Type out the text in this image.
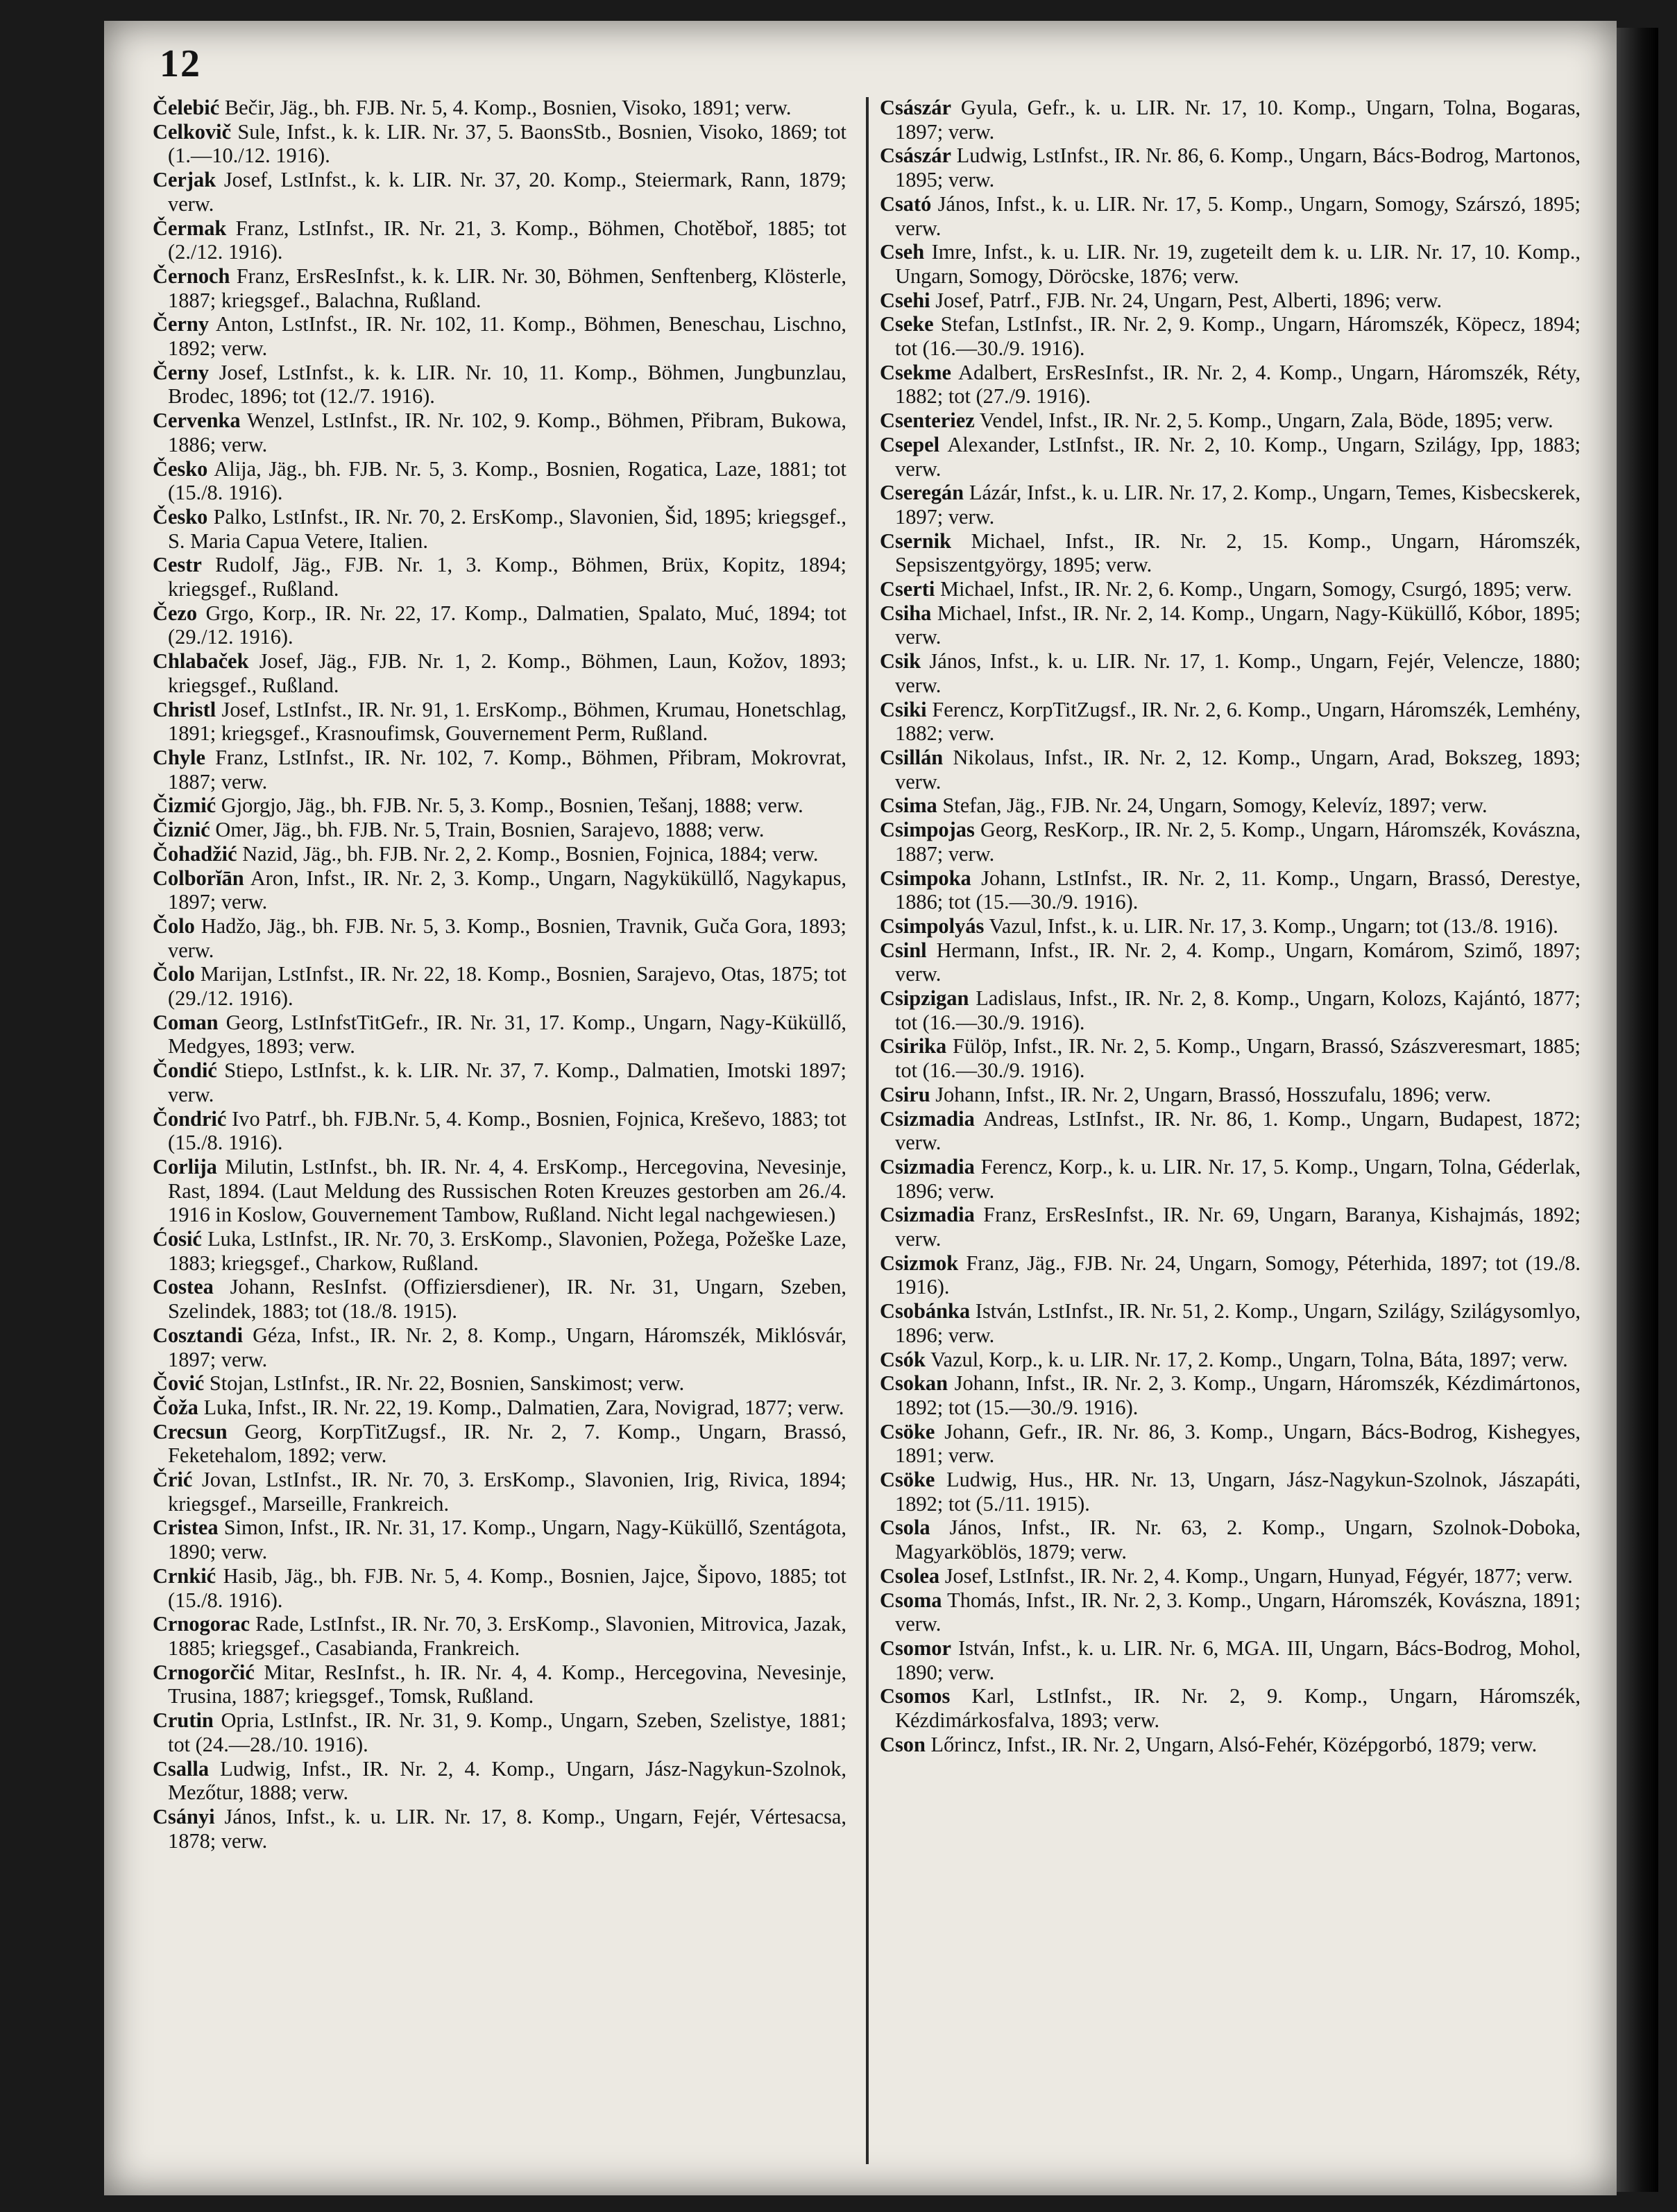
12

Čelebić Bečir, Jäg., bh. FJB. Nr. 5, 4. Komp., Bosnien, Visoko, 1891; verw.

Celkovič Sule, Infst., k. k. LIR. Nr. 37, 5. BaonsStb., Bosnien, Visoko, 1869; tot (1.—10./12. 1916).

Cerjak Josef, LstInfst., k. k. LIR. Nr. 37, 20. Komp., Steiermark, Rann, 1879; verw.

Čermak Franz, LstInfst., IR. Nr. 21, 3. Komp., Böhmen, Chotěboř, 1885; tot (2./12. 1916).

Černoch Franz, ErsResInfst., k. k. LIR. Nr. 30, Böhmen, Senftenberg, Klösterle, 1887; kriegsgef., Balachna, Rußland.

Černy Anton, LstInfst., IR. Nr. 102, 11. Komp., Böhmen, Beneschau, Lischno, 1892; verw.

Černy Josef, LstInfst., k. k. LIR. Nr. 10, 11. Komp., Böhmen, Jungbunzlau, Brodec, 1896; tot (12./7. 1916).

Cervenka Wenzel, LstInfst., IR. Nr. 102, 9. Komp., Böhmen, Přibram, Bukowa, 1886; verw.

Česko Alija, Jäg., bh. FJB. Nr. 5, 3. Komp., Bosnien, Rogatica, Laze, 1881; tot (15./8. 1916).

Česko Palko, LstInfst., IR. Nr. 70, 2. ErsKomp., Slavonien, Šid, 1895; kriegsgef., S. Maria Capua Vetere, Italien.

Cestr Rudolf, Jäg., FJB. Nr. 1, 3. Komp., Böhmen, Brüx, Kopitz, 1894; kriegsgef., Rußland.

Čezo Grgo, Korp., IR. Nr. 22, 17. Komp., Dalmatien, Spalato, Muć, 1894; tot (29./12. 1916).

Chlabaček Josef, Jäg., FJB. Nr. 1, 2. Komp., Böhmen, Laun, Kožov, 1893; kriegsgef., Rußland.

Christl Josef, LstInfst., IR. Nr. 91, 1. ErsKomp., Böhmen, Krumau, Honetschlag, 1891; kriegsgef., Krasnoufimsk, Gouvernement Perm, Rußland.

Chyle Franz, LstInfst., IR. Nr. 102, 7. Komp., Böhmen, Přibram, Mokrovrat, 1887; verw.

Čizmić Gjorgjo, Jäg., bh. FJB. Nr. 5, 3. Komp., Bosnien, Tešanj, 1888; verw.

Čiznić Omer, Jäg., bh. FJB. Nr. 5, Train, Bosnien, Sarajevo, 1888; verw.

Čohadžić Nazid, Jäg., bh. FJB. Nr. 2, 2. Komp., Bosnien, Fojnica, 1884; verw.

Colborĭān Aron, Infst., IR. Nr. 2, 3. Komp., Ungarn, Nagyküküllő, Nagykapus, 1897; verw.

Čolo Hadžo, Jäg., bh. FJB. Nr. 5, 3. Komp., Bosnien, Travnik, Guča Gora, 1893; verw.

Čolo Marijan, LstInfst., IR. Nr. 22, 18. Komp., Bosnien, Sarajevo, Otas, 1875; tot (29./12. 1916).

Coman Georg, LstInfstTitGefr., IR. Nr. 31, 17. Komp., Ungarn, Nagy-Küküllő, Medgyes, 1893; verw.

Čondić Stiepo, LstInfst., k. k. LIR. Nr. 37, 7. Komp., Dalmatien, Imotski 1897; verw.

Čondrić Ivo Patrf., bh. FJB.Nr. 5, 4. Komp., Bosnien, Fojnica, Kreševo, 1883; tot (15./8. 1916).

Corlija Milutin, LstInfst., bh. IR. Nr. 4, 4. ErsKomp., Hercegovina, Nevesinje, Rast, 1894. (Laut Meldung des Russischen Roten Kreuzes gestorben am 26./4. 1916 in Koslow, Gouvernement Tambow, Rußland. Nicht legal nachgewiesen.)

Ćosić Luka, LstInfst., IR. Nr. 70, 3. ErsKomp., Slavonien, Požega, Požeške Laze, 1883; kriegsgef., Charkow, Rußland.

Costea Johann, ResInfst. (Offiziersdiener), IR. Nr. 31, Ungarn, Szeben, Szelindek, 1883; tot (18./8. 1915).

Cosztandi Géza, Infst., IR. Nr. 2, 8. Komp., Ungarn, Háromszék, Miklósvár, 1897; verw.

Čović Stojan, LstInfst., IR. Nr. 22, Bosnien, Sanskimost; verw.

Čoža Luka, Infst., IR. Nr. 22, 19. Komp., Dalmatien, Zara, Novigrad, 1877; verw.

Crecsun Georg, KorpTitZugsf., IR. Nr. 2, 7. Komp., Ungarn, Brassó, Feketehalom, 1892; verw.

Črić Jovan, LstInfst., IR. Nr. 70, 3. ErsKomp., Slavonien, Irig, Rivica, 1894; kriegsgef., Marseille, Frankreich.

Cristea Simon, Infst., IR. Nr. 31, 17. Komp., Ungarn, Nagy-Küküllő, Szentágota, 1890; verw.

Crnkić Hasib, Jäg., bh. FJB. Nr. 5, 4. Komp., Bosnien, Jajce, Šipovo, 1885; tot (15./8. 1916).

Crnogorac Rade, LstInfst., IR. Nr. 70, 3. ErsKomp., Slavonien, Mitrovica, Jazak, 1885; kriegsgef., Casabianda, Frankreich.

Crnogorčić Mitar, ResInfst., h. IR. Nr. 4, 4. Komp., Hercegovina, Nevesinje, Trusina, 1887; kriegsgef., Tomsk, Rußland.

Crutin Opria, LstInfst., IR. Nr. 31, 9. Komp., Ungarn, Szeben, Szelistye, 1881; tot (24.—28./10. 1916).

Csalla Ludwig, Infst., IR. Nr. 2, 4. Komp., Ungarn, Jász-Nagykun-Szolnok, Mezőtur, 1888; verw.

Csányi János, Infst., k. u. LIR. Nr. 17, 8. Komp., Ungarn, Fejér, Vértesacsa, 1878; verw.

Császár Gyula, Gefr., k. u. LIR. Nr. 17, 10. Komp., Ungarn, Tolna, Bogaras, 1897; verw.

Császár Ludwig, LstInfst., IR. Nr. 86, 6. Komp., Ungarn, Bács-Bodrog, Martonos, 1895; verw.

Csató János, Infst., k. u. LIR. Nr. 17, 5. Komp., Ungarn, Somogy, Szárszó, 1895; verw.

Cseh Imre, Infst., k. u. LIR. Nr. 19, zugeteilt dem k. u. LIR. Nr. 17, 10. Komp., Ungarn, Somogy, Döröcske, 1876; verw.

Csehi Josef, Patrf., FJB. Nr. 24, Ungarn, Pest, Alberti, 1896; verw.

Cseke Stefan, LstInfst., IR. Nr. 2, 9. Komp., Ungarn, Háromszék, Köpecz, 1894; tot (16.—30./9. 1916).

Csekme Adalbert, ErsResInfst., IR. Nr. 2, 4. Komp., Ungarn, Háromszék, Réty, 1882; tot (27./9. 1916).

Csenteriez Vendel, Infst., IR. Nr. 2, 5. Komp., Ungarn, Zala, Böde, 1895; verw.

Csepel Alexander, LstInfst., IR. Nr. 2, 10. Komp., Ungarn, Szilágy, Ipp, 1883; verw.

Cseregán Lázár, Infst., k. u. LIR. Nr. 17, 2. Komp., Ungarn, Temes, Kisbecskerek, 1897; verw.

Csernik Michael, Infst., IR. Nr. 2, 15. Komp., Ungarn, Háromszék, Sepsiszentgyörgy, 1895; verw.

Cserti Michael, Infst., IR. Nr. 2, 6. Komp., Ungarn, Somogy, Csurgó, 1895; verw.

Csiha Michael, Infst., IR. Nr. 2, 14. Komp., Ungarn, Nagy-Küküllő, Kóbor, 1895; verw.

Csik János, Infst., k. u. LIR. Nr. 17, 1. Komp., Ungarn, Fejér, Velencze, 1880; verw.

Csiki Ferencz, KorpTitZugsf., IR. Nr. 2, 6. Komp., Ungarn, Háromszék, Lemhény, 1882; verw.

Csillán Nikolaus, Infst., IR. Nr. 2, 12. Komp., Ungarn, Arad, Bokszeg, 1893; verw.

Csima Stefan, Jäg., FJB. Nr. 24, Ungarn, Somogy, Kelevíz, 1897; verw.

Csimpojas Georg, ResKorp., IR. Nr. 2, 5. Komp., Ungarn, Háromszék, Kovászna, 1887; verw.

Csimpoka Johann, LstInfst., IR. Nr. 2, 11. Komp., Ungarn, Brassó, Derestye, 1886; tot (15.—30./9. 1916).

Csimpolyás Vazul, Infst., k. u. LIR. Nr. 17, 3. Komp., Ungarn; tot (13./8. 1916).

Csinl Hermann, Infst., IR. Nr. 2, 4. Komp., Ungarn, Komárom, Szimő, 1897; verw.

Csipzigan Ladislaus, Infst., IR. Nr. 2, 8. Komp., Ungarn, Kolozs, Kajántó, 1877; tot (16.—30./9. 1916).

Csirika Fülöp, Infst., IR. Nr. 2, 5. Komp., Ungarn, Brassó, Szászveresmart, 1885; tot (16.—30./9. 1916).

Csiru Johann, Infst., IR. Nr. 2, Ungarn, Brassó, Hosszufalu, 1896; verw.

Csizmadia Andreas, LstInfst., IR. Nr. 86, 1. Komp., Ungarn, Budapest, 1872; verw.

Csizmadia Ferencz, Korp., k. u. LIR. Nr. 17, 5. Komp., Ungarn, Tolna, Géderlak, 1896; verw.

Csizmadia Franz, ErsResInfst., IR. Nr. 69, Ungarn, Baranya, Kishajmás, 1892; verw.

Csizmok Franz, Jäg., FJB. Nr. 24, Ungarn, Somogy, Péterhida, 1897; tot (19./8. 1916).

Csobánka István, LstInfst., IR. Nr. 51, 2. Komp., Ungarn, Szilágy, Szilágysomlyo, 1896; verw.

Csók Vazul, Korp., k. u. LIR. Nr. 17, 2. Komp., Ungarn, Tolna, Báta, 1897; verw.

Csokan Johann, Infst., IR. Nr. 2, 3. Komp., Ungarn, Háromszék, Kézdimártonos, 1892; tot (15.—30./9. 1916).

Csöke Johann, Gefr., IR. Nr. 86, 3. Komp., Ungarn, Bács-Bodrog, Kishegyes, 1891; verw.

Csöke Ludwig, Hus., HR. Nr. 13, Ungarn, Jász-Nagykun-Szolnok, Jászapáti, 1892; tot (5./11. 1915).

Csola János, Infst., IR. Nr. 63, 2. Komp., Ungarn, Szolnok-Doboka, Magyarköblös, 1879; verw.

Csolea Josef, LstInfst., IR. Nr. 2, 4. Komp., Ungarn, Hunyad, Fégyér, 1877; verw.

Csoma Thomás, Infst., IR. Nr. 2, 3. Komp., Ungarn, Háromszék, Kovászna, 1891; verw.

Csomor István, Infst., k. u. LIR. Nr. 6, MGA. III, Ungarn, Bács-Bodrog, Mohol, 1890; verw.

Csomos Karl, LstInfst., IR. Nr. 2, 9. Komp., Ungarn, Háromszék, Kézdimárkosfalva, 1893; verw.

Cson Lőrincz, Infst., IR. Nr. 2, Ungarn, Alsó-Fehér, Középgorbó, 1879; verw.
